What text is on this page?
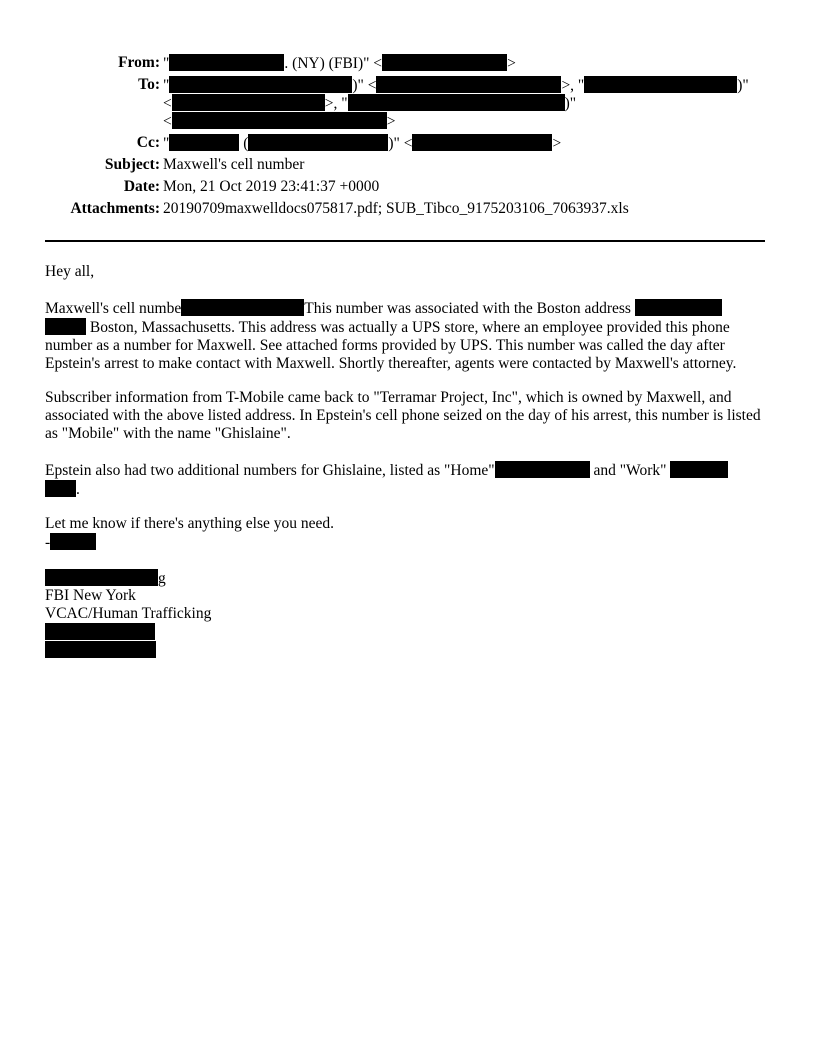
From: "	. (NY) (FBI)" <	>
To: "	)" <	>, "	)"
<	>, "	)"
<	>
Cc: "	(	)" <	>
Subject: Maxwell's cell number
Date: Mon, 21 Oct 2019 23:41:37 +0000
Attachments: 20190709maxwelldocs075817.pdf; SUB_Tibco_9175203106_7063937.xls
Hey all,
Maxwell's cell numbe	This number was associated with the Boston address
Boston, Massachusetts. This address was actually a UPS store, where an employee provided this phone number as a number for Maxwell. See attached forms provided by UPS. This number was called the day after Epstein's arrest to make contact with Maxwell. Shortly thereafter, agents were contacted by Maxwell's attorney.
Subscriber information from T-Mobile came back to "Terramar Project, Inc", which is owned by Maxwell, and associated with the above listed address. In Epstein's cell phone seized on the day of his arrest, this number is listed as "Mobile" with the name "Ghislaine".
Epstein also had two additional numbers for Ghislaine, listed as "Home"	and "Work"
.
Let me know if there's anything else you need.
-
g
FBI New York
VCAC/Human Trafficking
